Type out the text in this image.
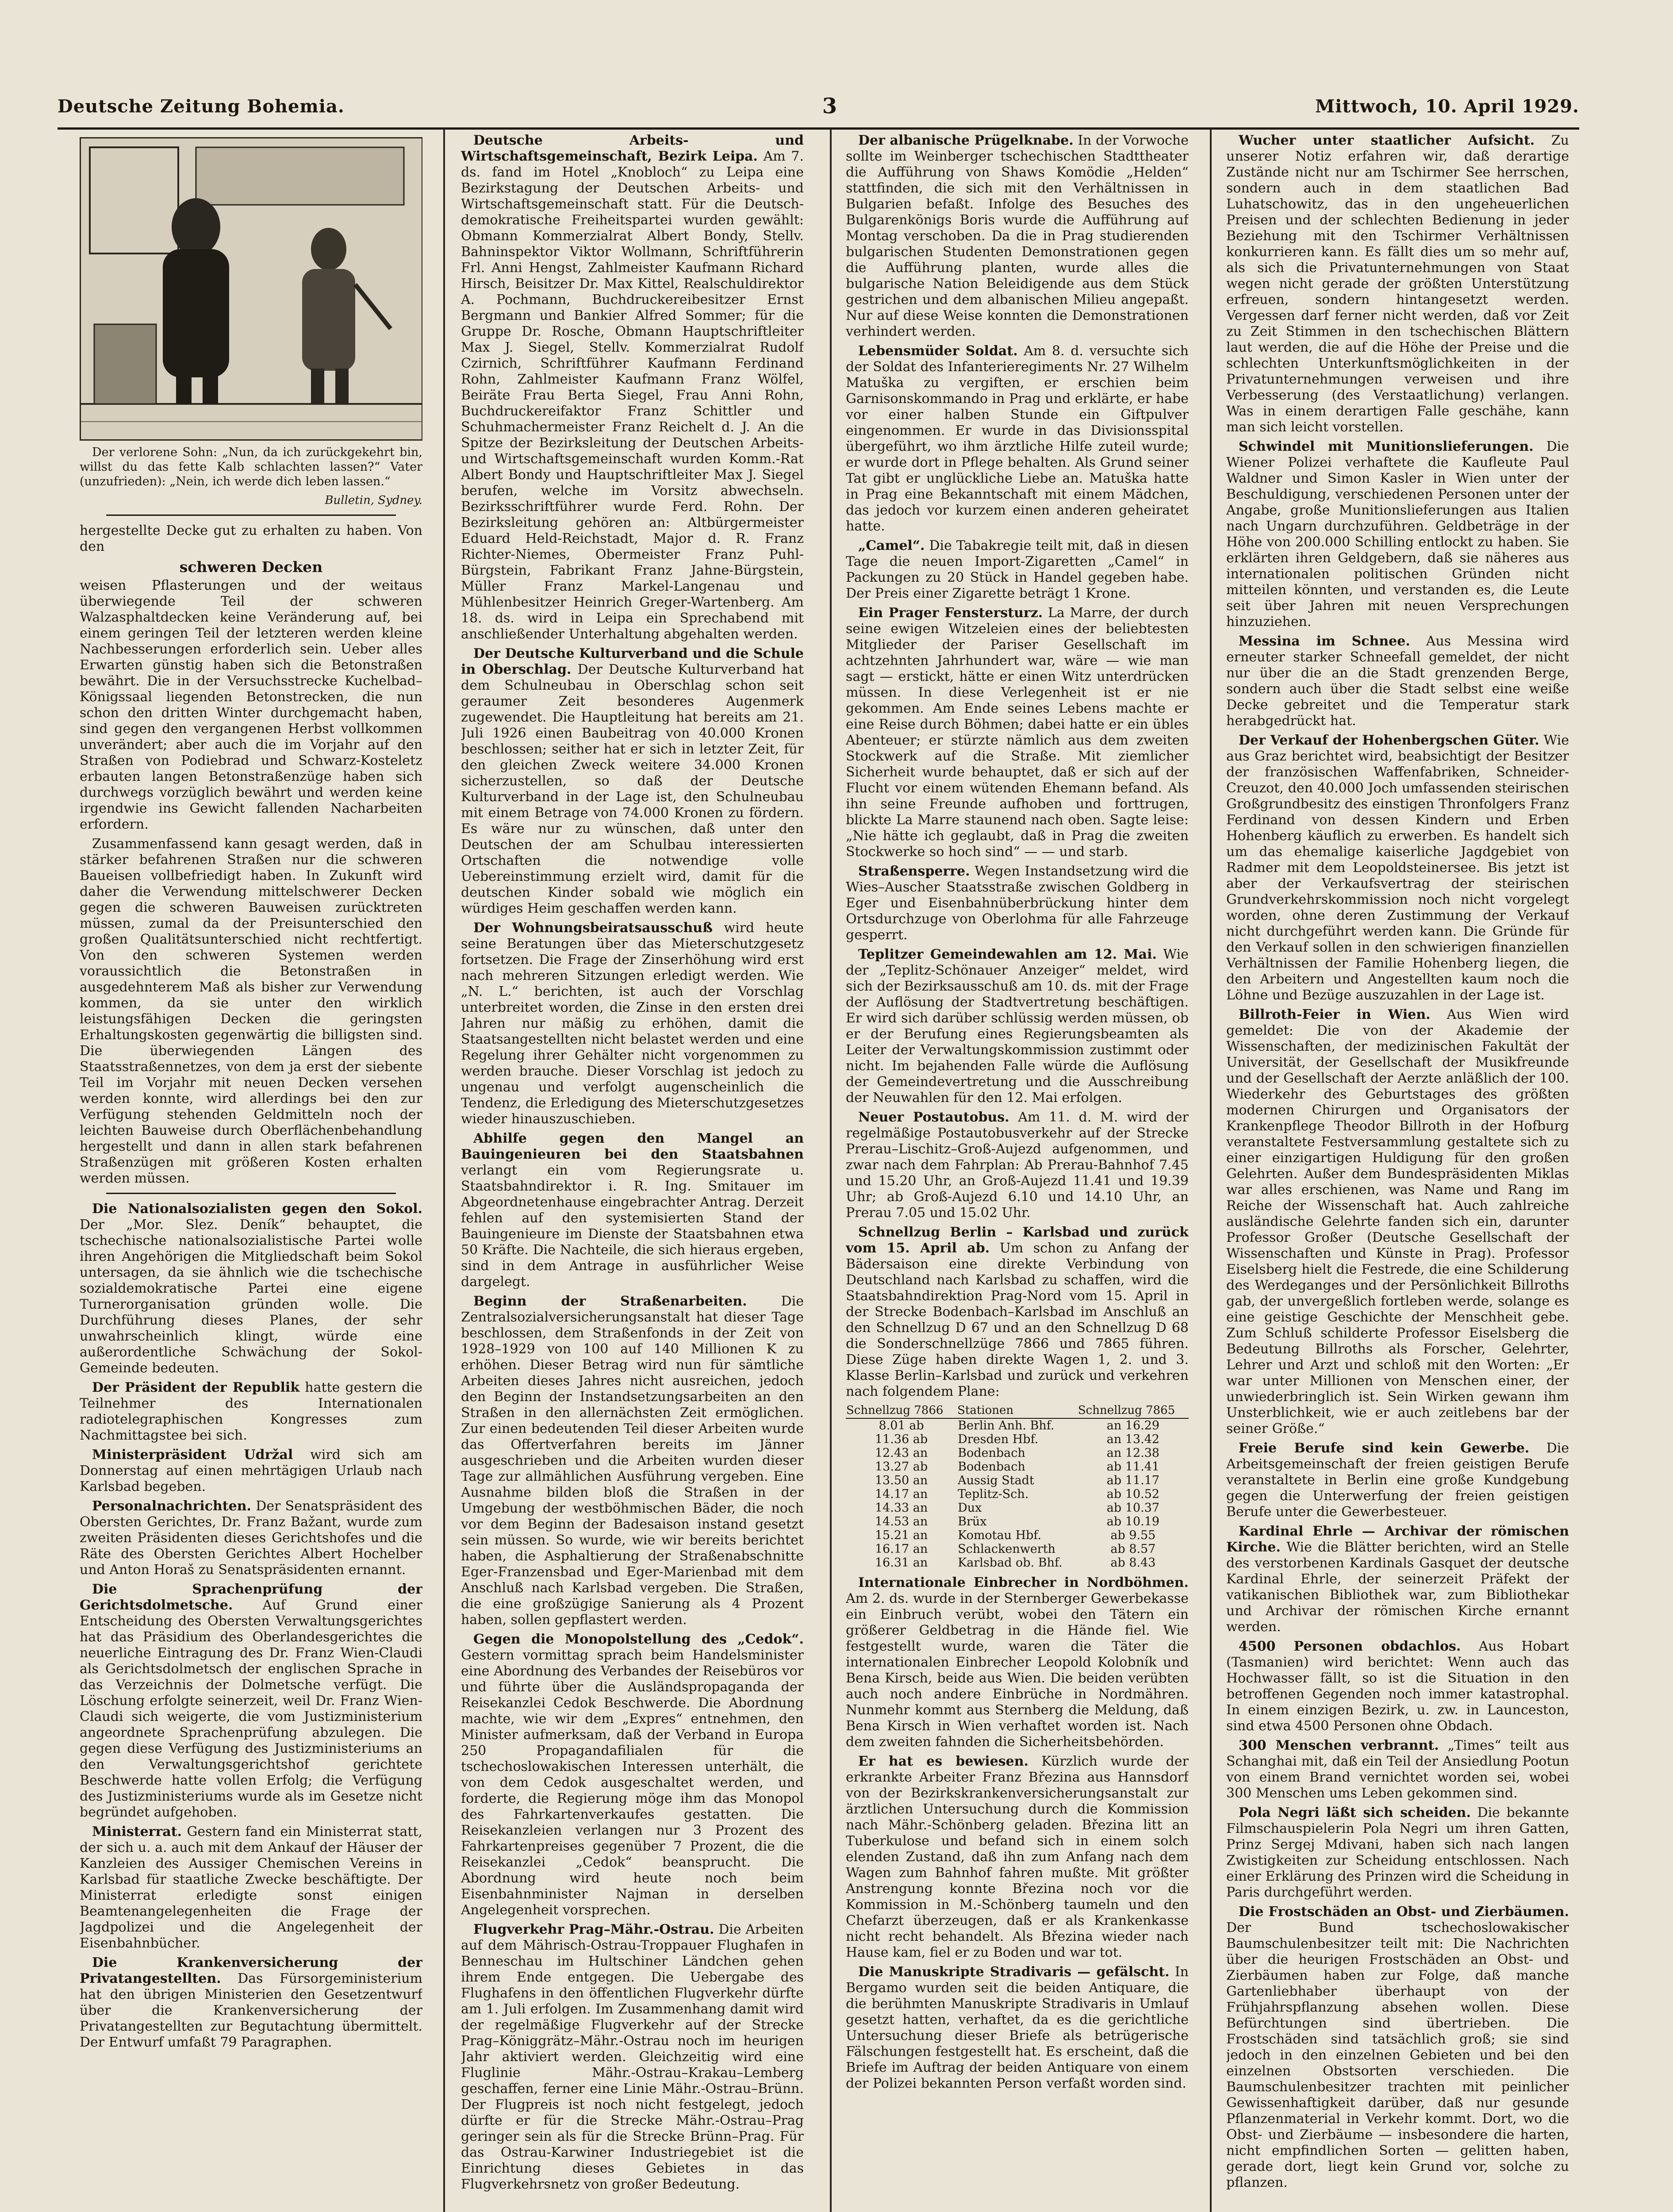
Deutsche Zeitung Bohemia.	3	Mittwoch, 10. April 1929.

Der verlorene Sohn: „Nun, da ich zurückgekehrt bin, willst du das fette Kalb schlachten lassen?“ Vater (unzufrieden): „Nein, ich werde dich leben lassen.“

Bulletin, Sydney.

hergestellte Decke gut zu erhalten zu haben. Von den

schweren Decken

weisen Pflasterungen und der weitaus überwiegende Teil der schweren Walzasphaltdecken keine Veränderung auf, bei einem geringen Teil der letzteren werden kleine Nachbesserungen erforderlich sein. Ueber alles Erwarten günstig haben sich die Betonstraßen bewährt. Die in der Versuchsstrecke Kuchelbad–Königssaal liegenden Betonstrecken, die nun schon den dritten Winter durchgemacht haben, sind gegen den vergangenen Herbst vollkommen unverändert; aber auch die im Vorjahr auf den Straßen von Podiebrad und Schwarz-Kosteletz erbauten langen Betonstraßenzüge haben sich durchwegs vorzüglich bewährt und werden keine irgendwie ins Gewicht fallenden Nacharbeiten erfordern.

Zusammenfassend kann gesagt werden, daß in stärker befahrenen Straßen nur die schweren Baueisen vollbefriedigt haben. In Zukunft wird daher die Verwendung mittelschwerer Decken gegen die schweren Bauweisen zurücktreten müssen, zumal da der Preisunterschied den großen Qualitätsunterschied nicht rechtfertigt. Von den schweren Systemen werden voraussichtlich die Betonstraßen in ausgedehnterem Maß als bisher zur Verwendung kommen, da sie unter den wirklich leistungsfähigen Decken die geringsten Erhaltungskosten gegenwärtig die billigsten sind. Die überwiegenden Längen des Staatsstraßennetzes, von dem ja erst der siebente Teil im Vorjahr mit neuen Decken versehen werden konnte, wird allerdings bei den zur Verfügung stehenden Geldmitteln noch der leichten Bauweise durch Oberflächenbehandlung hergestellt und dann in allen stark befahrenen Straßenzügen mit größeren Kosten erhalten werden müssen.

Die Nationalsozialisten gegen den Sokol. Der „Mor. Slez. Deník“ behauptet, die tschechische nationalsozialistische Partei wolle ihren Angehörigen die Mitgliedschaft beim Sokol untersagen, da sie ähnlich wie die tschechische sozialdemokratische Partei eine eigene Turnerorganisation gründen wolle. Die Durchführung dieses Planes, der sehr unwahrscheinlich klingt, würde eine außerordentliche Schwächung der Sokol-Gemeinde bedeuten.

Der Präsident der Republik hatte gestern die Teilnehmer des Internationalen radiotelegraphischen Kongresses zum Nachmittagstee bei sich.

Ministerpräsident Udržal wird sich am Donnerstag auf einen mehrtägigen Urlaub nach Karlsbad begeben.

Personalnachrichten. Der Senatspräsident des Obersten Gerichtes, Dr. Franz Bažant, wurde zum zweiten Präsidenten dieses Gerichtshofes und die Räte des Obersten Gerichtes Albert Hochelber und Anton Horaš zu Senatspräsidenten ernannt.

Die Sprachenprüfung der Gerichtsdolmetsche. Auf Grund einer Entscheidung des Obersten Verwaltungsgerichtes hat das Präsidium des Oberlandesgerichtes die neuerliche Eintragung des Dr. Franz Wien-Claudi als Gerichtsdolmetsch der englischen Sprache in das Verzeichnis der Dolmetsche verfügt. Die Löschung erfolgte seinerzeit, weil Dr. Franz Wien-Claudi sich weigerte, die vom Justizministerium angeordnete Sprachenprüfung abzulegen. Die gegen diese Verfügung des Justizministeriums an den Verwaltungsgerichtshof gerichtete Beschwerde hatte vollen Erfolg; die Verfügung des Justizministeriums wurde als im Gesetze nicht begründet aufgehoben.

Ministerrat. Gestern fand ein Ministerrat statt, der sich u. a. auch mit dem Ankauf der Häuser der Kanzleien des Aussiger Chemischen Vereins in Karlsbad für staatliche Zwecke beschäftigte. Der Ministerrat erledigte sonst einigen Beamtenangelegenheiten die Frage der Jagdpolizei und die Angelegenheit der Eisenbahnbücher.

Die Krankenversicherung der Privatangestellten. Das Fürsorgeministerium hat den übrigen Ministerien den Gesetzentwurf über die Krankenversicherung der Privatangestellten zur Begutachtung übermittelt. Der Entwurf umfaßt 79 Paragraphen.

Deutsche Arbeits- und Wirtschaftsgemeinschaft, Bezirk Leipa. Am 7. ds. fand im Hotel „Knobloch“ zu Leipa eine Bezirkstagung der Deutschen Arbeits- und Wirtschaftsgemeinschaft statt. Für die Deutsch-demokratische Freiheitspartei wurden gewählt: Obmann Kommerzialrat Albert Bondy, Stellv. Bahninspektor Viktor Wollmann, Schriftführerin Frl. Anni Hengst, Zahlmeister Kaufmann Richard Hirsch, Beisitzer Dr. Max Kittel, Realschuldirektor A. Pochmann, Buchdruckereibesitzer Ernst Bergmann und Bankier Alfred Sommer; für die Gruppe Dr. Rosche, Obmann Hauptschriftleiter Max J. Siegel, Stellv. Kommerzialrat Rudolf Czirnich, Schriftführer Kaufmann Ferdinand Rohn, Zahlmeister Kaufmann Franz Wölfel, Beiräte Frau Berta Siegel, Frau Anni Rohn, Buchdruckereifaktor Franz Schittler und Schuhmachermeister Franz Reichelt d. J. An die Spitze der Bezirksleitung der Deutschen Arbeits- und Wirtschaftsgemeinschaft wurden Komm.-Rat Albert Bondy und Hauptschriftleiter Max J. Siegel berufen, welche im Vorsitz abwechseln. Bezirksschriftführer wurde Ferd. Rohn. Der Bezirksleitung gehören an: Altbürgermeister Eduard Held-Reichstadt, Major d. R. Franz Richter-Niemes, Obermeister Franz Puhl-Bürgstein, Fabrikant Franz Jahne-Bürgstein, Müller Franz Markel-Langenau und Mühlenbesitzer Heinrich Greger-Wartenberg. Am 18. ds. wird in Leipa ein Sprechabend mit anschließender Unterhaltung abgehalten werden.

Der Deutsche Kulturverband und die Schule in Oberschlag. Der Deutsche Kulturverband hat dem Schulneubau in Oberschlag schon seit geraumer Zeit besonderes Augenmerk zugewendet. Die Hauptleitung hat bereits am 21. Juli 1926 einen Baubeitrag von 40.000 Kronen beschlossen; seither hat er sich in letzter Zeit, für den gleichen Zweck weitere 34.000 Kronen sicherzustellen, so daß der Deutsche Kulturverband in der Lage ist, den Schulneubau mit einem Betrage von 74.000 Kronen zu fördern. Es wäre nur zu wünschen, daß unter den Deutschen der am Schulbau interessierten Ortschaften die notwendige volle Uebereinstimmung erzielt wird, damit für die deutschen Kinder sobald wie möglich ein würdiges Heim geschaffen werden kann.

Der Wohnungsbeiratsausschuß wird heute seine Beratungen über das Mieterschutzgesetz fortsetzen. Die Frage der Zinserhöhung wird erst nach mehreren Sitzungen erledigt werden. Wie „N. L.“ berichten, ist auch der Vorschlag unterbreitet worden, die Zinse in den ersten drei Jahren nur mäßig zu erhöhen, damit die Staatsangestellten nicht belastet werden und eine Regelung ihrer Gehälter nicht vorgenommen zu werden brauche. Dieser Vorschlag ist jedoch zu ungenau und verfolgt augenscheinlich die Tendenz, die Erledigung des Mieterschutzgesetzes wieder hinauszuschieben.

Abhilfe gegen den Mangel an Bauingenieuren bei den Staatsbahnen verlangt ein vom Regierungsrate u. Staatsbahndirektor i. R. Ing. Smitauer im Abgeordnetenhause eingebrachter Antrag. Derzeit fehlen auf den systemisierten Stand der Bauingenieure im Dienste der Staatsbahnen etwa 50 Kräfte. Die Nachteile, die sich hieraus ergeben, sind in dem Antrage in ausführlicher Weise dargelegt.

Beginn der Straßenarbeiten.	Die Zentralsozialversicherungsanstalt hat dieser Tage beschlossen, dem Straßenfonds in der Zeit von 1928–1929 von 100 auf 140 Millionen K zu erhöhen. Dieser Betrag wird nun für sämtliche Arbeiten dieses Jahres nicht ausreichen, jedoch den Beginn der Instandsetzungsarbeiten an den Straßen in den allernächsten Zeit ermöglichen. Zur einen bedeutenden Teil dieser Arbeiten wurde das Offertverfahren bereits im Jänner ausgeschrieben und die Arbeiten wurden dieser Tage zur allmählichen Ausführung vergeben. Eine Ausnahme bilden bloß die Straßen in der Umgebung der westböhmischen Bäder, die noch vor dem Beginn der Badesaison instand gesetzt sein müssen. So wurde, wie wir bereits berichtet haben, die Asphaltierung der Straßenabschnitte Eger-Franzensbad und Eger-Marienbad mit dem Anschluß nach Karlsbad vergeben. Die Straßen, die eine großzügige Sanierung als 4 Prozent haben, sollen gepflastert werden.

Gegen die Monopolstellung des „Cedok“. Gestern vormittag sprach beim Handelsminister eine Abordnung des Verbandes der Reisebüros vor und führte über die Ausländspropaganda der Reisekanzlei Cedok Beschwerde. Die Abordnung machte, wie wir dem „Expres“ entnehmen, den Minister aufmerksam, daß der Verband in Europa 250 Propagandafilialen für die tschechoslowakischen Interessen unterhält, die von dem Cedok ausgeschaltet werden, und forderte, die Regierung möge ihm das Monopol des Fahrkartenverkaufes gestatten. Die Reisekanzleien verlangen nur 3 Prozent des Fahrkartenpreises gegenüber 7 Prozent, die die Reisekanzlei „Cedok“ beansprucht. Die Abordnung wird heute noch beim Eisenbahnminister Najman in derselben Angelegenheit vorsprechen.

Flugverkehr Prag–Mähr.-Ostrau. Die Arbeiten auf dem Mährisch-Ostrau-Troppauer Flughafen in Benneschau im Hultschiner Ländchen gehen ihrem Ende entgegen. Die Uebergabe des Flughafens in den öffentlichen Flugverkehr dürfte am 1. Juli erfolgen. Im Zusammenhang damit wird der regelmäßige Flugverkehr auf der Strecke Prag–Königgrätz–Mähr.-Ostrau noch im heurigen Jahr aktiviert werden. Gleichzeitig wird eine Fluglinie Mähr.-Ostrau–Krakau–Lemberg geschaffen, ferner eine Linie Mähr.-Ostrau–Brünn. Der Flugpreis ist noch nicht festgelegt, jedoch dürfte er für die Strecke Mähr.-Ostrau–Prag geringer sein als für die Strecke Brünn–Prag. Für das Ostrau-Karwiner Industriegebiet ist die Einrichtung dieses Gebietes in das Flugverkehrsnetz von großer Bedeutung.

Der albanische Prügelknabe. In der Vorwoche sollte im Weinberger tschechischen Stadttheater die Aufführung von Shaws Komödie „Helden“ stattfinden, die sich mit den Verhältnissen in Bulgarien befaßt. Infolge des Besuches des Bulgarenkönigs Boris wurde die Aufführung auf Montag verschoben. Da die in Prag studierenden bulgarischen Studenten Demonstrationen gegen die Aufführung planten, wurde alles die bulgarische Nation Beleidigende aus dem Stück gestrichen und dem albanischen Milieu angepaßt. Nur auf diese Weise konnten die Demonstrationen verhindert werden.

Lebensmüder Soldat. Am 8. d. versuchte sich der Soldat des Infanterieregiments Nr. 27 Wilhelm Matuška zu vergiften, er erschien beim Garnisonskommando in Prag und erklärte, er habe vor einer halben Stunde ein Giftpulver eingenommen. Er wurde in das Divisionsspital übergeführt, wo ihm ärztliche Hilfe zuteil wurde; er wurde dort in Pflege behalten. Als Grund seiner Tat gibt er unglückliche Liebe an. Matuška hatte in Prag eine Bekanntschaft mit einem Mädchen, das jedoch vor kurzem einen anderen geheiratet hatte.

„Camel“. Die Tabakregie teilt mit, daß in diesen Tage die neuen Import-Zigaretten „Camel“ in Packungen zu 20 Stück in Handel gegeben habe. Der Preis einer Zigarette beträgt 1 Krone.

Ein Prager Fenstersturz. La Marre, der durch seine ewigen Witzeleien eines der beliebtesten Mitglieder der Pariser Gesellschaft im achtzehnten Jahrhundert war, wäre — wie man sagt — erstickt, hätte er einen Witz unterdrücken müssen. In diese Verlegenheit ist er nie gekommen. Am Ende seines Lebens machte er eine Reise durch Böhmen; dabei hatte er ein übles Abenteuer; er stürzte nämlich aus dem zweiten Stockwerk auf die Straße. Mit ziemlicher Sicherheit wurde behauptet, daß er sich auf der Flucht vor einem wütenden Ehemann befand. Als ihn seine Freunde aufhoben und forttrugen, blickte La Marre staunend nach oben. Sagte leise: „Nie hätte ich geglaubt, daß in Prag die zweiten Stockwerke so hoch sind“ — — und starb.

Straßensperre. Wegen Instandsetzung wird die Wies–Auscher Staatsstraße zwischen Goldberg in Eger und Eisenbahnüberbrückung hinter dem Ortsdurchzuge von Oberlohma für alle Fahrzeuge gesperrt.

Teplitzer Gemeindewahlen am 12. Mai. Wie der „Teplitz-Schönauer Anzeiger“ meldet, wird sich der Bezirksausschuß am 10. ds. mit der Frage der Auflösung der Stadtvertretung beschäftigen. Er wird sich darüber schlüssig werden müssen, ob er der Berufung eines Regierungsbeamten als Leiter der Verwaltungskommission zustimmt oder nicht. Im bejahenden Falle würde die Auflösung der Gemeindevertretung und die Ausschreibung der Neuwahlen für den 12. Mai erfolgen.

Neuer Postautobus. Am 11. d. M. wird der regelmäßige Postautobusverkehr auf der Strecke Prerau–Lischitz–Groß-Aujezd aufgenommen, und zwar nach dem Fahrplan: Ab Prerau-Bahnhof 7.45 und 15.20 Uhr, an Groß-Aujezd 11.41 und 19.39 Uhr; ab Groß-Aujezd 6.10 und 14.10 Uhr, an Prerau 7.05 und 15.02 Uhr.

Schnellzug Berlin – Karlsbad und zurück vom 15. April ab. Um schon zu Anfang der Bädersaison eine direkte Verbindung von Deutschland nach Karlsbad zu schaffen, wird die Staatsbahndirektion Prag-Nord vom 15. April in der Strecke Bodenbach–Karlsbad im Anschluß an den Schnellzug D 67 und an den Schnellzug D 68 die Sonderschnellzüge 7866 und 7865 führen. Diese Züge haben direkte Wagen 1, 2. und 3. Klasse Berlin–Karlsbad und zurück und verkehren nach folgendem Plane:

Schnellzug 7866	Stationen	Schnellzug 7865
8.01 ab	Berlin Anh. Bhf.	an 16.29
11.36 ab	Dresden Hbf.	an 13.42
12.43 an	Bodenbach	an 12.38
13.27 ab	Bodenbach	ab 11.41
13.50 an	Aussig Stadt	ab 11.17
14.17 an	Teplitz-Sch.	ab 10.52
14.33 an	Dux	ab 10.37
14.53 an	Brüx	ab 10.19
15.21 an	Komotau Hbf.	ab 9.55
16.17 an	Schlackenwerth	ab 8.57
16.31 an	Karlsbad ob. Bhf.	ab 8.43

Internationale Einbrecher in Nordböhmen. Am 2. ds. wurde in der Sternberger Gewerbekasse ein Einbruch verübt, wobei den Tätern ein größerer Geldbetrag in die Hände fiel. Wie festgestellt wurde, waren die Täter die internationalen Einbrecher Leopold Kolobník und Bena Kirsch, beide aus Wien. Die beiden verübten auch noch andere Einbrüche in Nordmähren. Nunmehr kommt aus Sternberg die Meldung, daß Bena Kirsch in Wien verhaftet worden ist. Nach dem zweiten fahnden die Sicherheitsbehörden.

Er hat es bewiesen. Kürzlich wurde der erkrankte Arbeiter Franz Březina aus Hannsdorf von der Bezirkskrankenversicherungsanstalt zur ärztlichen Untersuchung durch die Kommission nach Mähr.-Schönberg geladen. Březina litt an Tuberkulose und befand sich in einem solch elenden Zustand, daß ihn zum Anfang nach dem Wagen zum Bahnhof fahren mußte. Mit größter Anstrengung konnte Březina noch vor die Kommission in M.-Schönberg taumeln und den Chefarzt überzeugen, daß er als Krankenkasse nicht recht behandelt. Als Březina wieder nach Hause kam, fiel er zu Boden und war tot.

Die Manuskripte Stradivaris — gefälscht. In Bergamo wurden seit die beiden Antiquare, die die berühmten Manuskripte Stradivaris in Umlauf gesetzt hatten, verhaftet, da es die gerichtliche Untersuchung dieser Briefe als betrügerische Fälschungen festgestellt hat. Es erscheint, daß die Briefe im Auftrag der beiden Antiquare von einem der Polizei bekannten Person verfaßt worden sind.

Wucher unter staatlicher Aufsicht. Zu unserer Notiz erfahren wir, daß derartige Zustände nicht nur am Tschirmer See herrschen, sondern auch in dem staatlichen Bad Luhatschowitz, das in den ungeheuerlichen Preisen und der schlechten Bedienung in jeder Beziehung mit den Tschirmer Verhältnissen konkurrieren kann. Es fällt dies um so mehr auf, als sich die Privatunternehmungen von Staat wegen nicht gerade der größten Unterstützung erfreuen, sondern hintangesetzt werden. Vergessen darf ferner nicht werden, daß vor Zeit zu Zeit Stimmen in den tschechischen Blättern laut werden, die auf die Höhe der Preise und die schlechten Unterkunftsmöglichkeiten in der Privatunternehmungen verweisen und ihre Verbesserung (des Verstaatlichung) verlangen. Was in einem derartigen Falle geschähe, kann man sich leicht vorstellen.

Schwindel mit Munitionslieferungen. Die Wiener Polizei verhaftete die Kaufleute Paul Waldner und Simon Kasler in Wien unter der Beschuldigung, verschiedenen Personen unter der Angabe, große Munitionslieferungen aus Italien nach Ungarn durchzuführen. Geldbeträge in der Höhe von 200.000 Schilling entlockt zu haben. Sie erklärten ihren Geldgebern, daß sie näheres aus internationalen politischen Gründen nicht mitteilen könnten, und verstanden es, die Leute seit über Jahren mit neuen Versprechungen hinzuziehen.

Messina im Schnee. Aus Messina wird erneuter starker Schneefall gemeldet, der nicht nur über die an die Stadt grenzenden Berge, sondern auch über die Stadt selbst eine weiße Decke gebreitet und die Temperatur stark herabgedrückt hat.

Der Verkauf der Hohenbergschen Güter. Wie aus Graz berichtet wird, beabsichtigt der Besitzer der französischen Waffenfabriken, Schneider-Creuzot, den 40.000 Joch umfassenden steirischen Großgrundbesitz des einstigen Thronfolgers Franz Ferdinand von dessen Kindern und Erben Hohenberg käuflich zu erwerben. Es handelt sich um das ehemalige kaiserliche Jagdgebiet von Radmer mit dem Leopoldsteinersee. Bis jetzt ist aber der Verkaufsvertrag der steirischen Grundverkehrskommission noch nicht vorgelegt worden, ohne deren Zustimmung der Verkauf nicht durchgeführt werden kann. Die Gründe für den Verkauf sollen in den schwierigen finanziellen Verhältnissen der Familie Hohenberg liegen, die den Arbeitern und Angestellten kaum noch die Löhne und Bezüge auszuzahlen in der Lage ist.

Billroth-Feier in Wien. Aus Wien wird gemeldet: Die von der Akademie der Wissenschaften, der medizinischen Fakultät der Universität, der Gesellschaft der Musikfreunde und der Gesellschaft der Aerzte anläßlich der 100. Wiederkehr des Geburtstages des größten modernen Chirurgen und Organisators der Krankenpflege Theodor Billroth in der Hofburg veranstaltete Festversammlung gestaltete sich zu einer einzigartigen Huldigung für den großen Gelehrten. Außer dem Bundespräsidenten Miklas war alles erschienen, was Name und Rang im Reiche der Wissenschaft hat. Auch zahlreiche ausländische Gelehrte fanden sich ein, darunter Professor Großer (Deutsche Gesellschaft der Wissenschaften und Künste in Prag). Professor Eiselsberg hielt die Festrede, die eine Schilderung des Werdeganges und der Persönlichkeit Billroths gab, der unvergeßlich fortleben werde, solange es eine geistige Geschichte der Menschheit gebe. Zum Schluß schilderte Professor Eiselsberg die Bedeutung Billroths als Forscher, Gelehrter, Lehrer und Arzt und schloß mit den Worten: „Er war unter Millionen von Menschen einer, der unwiederbringlich ist. Sein Wirken gewann ihm Unsterblichkeit, wie er auch zeitlebens bar der seiner Größe.“

Freie Berufe sind kein Gewerbe. Die Arbeitsgemeinschaft der freien geistigen Berufe veranstaltete in Berlin eine große Kundgebung gegen die Unterwerfung der freien geistigen Berufe unter die Gewerbesteuer.

Kardinal Ehrle — Archivar der römischen Kirche. Wie die Blätter berichten, wird an Stelle des verstorbenen Kardinals Gasquet der deutsche Kardinal Ehrle, der seinerzeit Präfekt der vatikanischen Bibliothek war, zum Bibliothekar und Archivar der römischen Kirche ernannt werden.

4500 Personen obdachlos. Aus Hobart (Tasmanien) wird berichtet: Wenn auch das Hochwasser fällt, so ist die Situation in den betroffenen Gegenden noch immer katastrophal. In einem einzigen Bezirk, u. zw. in Launceston, sind etwa 4500 Personen ohne Obdach.

300 Menschen verbrannt. „Times“ teilt aus Schanghai mit, daß ein Teil der Ansiedlung Pootun von einem Brand vernichtet worden sei, wobei 300 Menschen ums Leben gekommen sind.

Pola Negri läßt sich scheiden. Die bekannte Filmschauspielerin Pola Negri um ihren Gatten, Prinz Sergej Mdivani, haben sich nach langen Zwistigkeiten zur Scheidung entschlossen. Nach einer Erklärung des Prinzen wird die Scheidung in Paris durchgeführt werden.

Die Frostschäden an Obst- und Zierbäumen. Der Bund tschechoslowakischer Baumschulenbesitzer teilt mit: Die Nachrichten über die heurigen Frostschäden an Obst- und Zierbäumen haben zur Folge, daß manche Gartenliebhaber überhaupt von der Frühjahrspflanzung absehen wollen. Diese Befürchtungen sind übertrieben. Die Frostschäden sind tatsächlich groß; sie sind jedoch in den einzelnen Gebieten und bei den einzelnen Obstsorten verschieden. Die Baumschulenbesitzer trachten mit peinlicher Gewissenhaftigkeit darüber, daß nur gesunde Pflanzenmaterial in Verkehr kommt. Dort, wo die Obst- und Zierbäume — insbesondere die harten, nicht empfindlichen Sorten — gelitten haben, gerade dort, liegt kein Grund vor, solche zu pflanzen.
